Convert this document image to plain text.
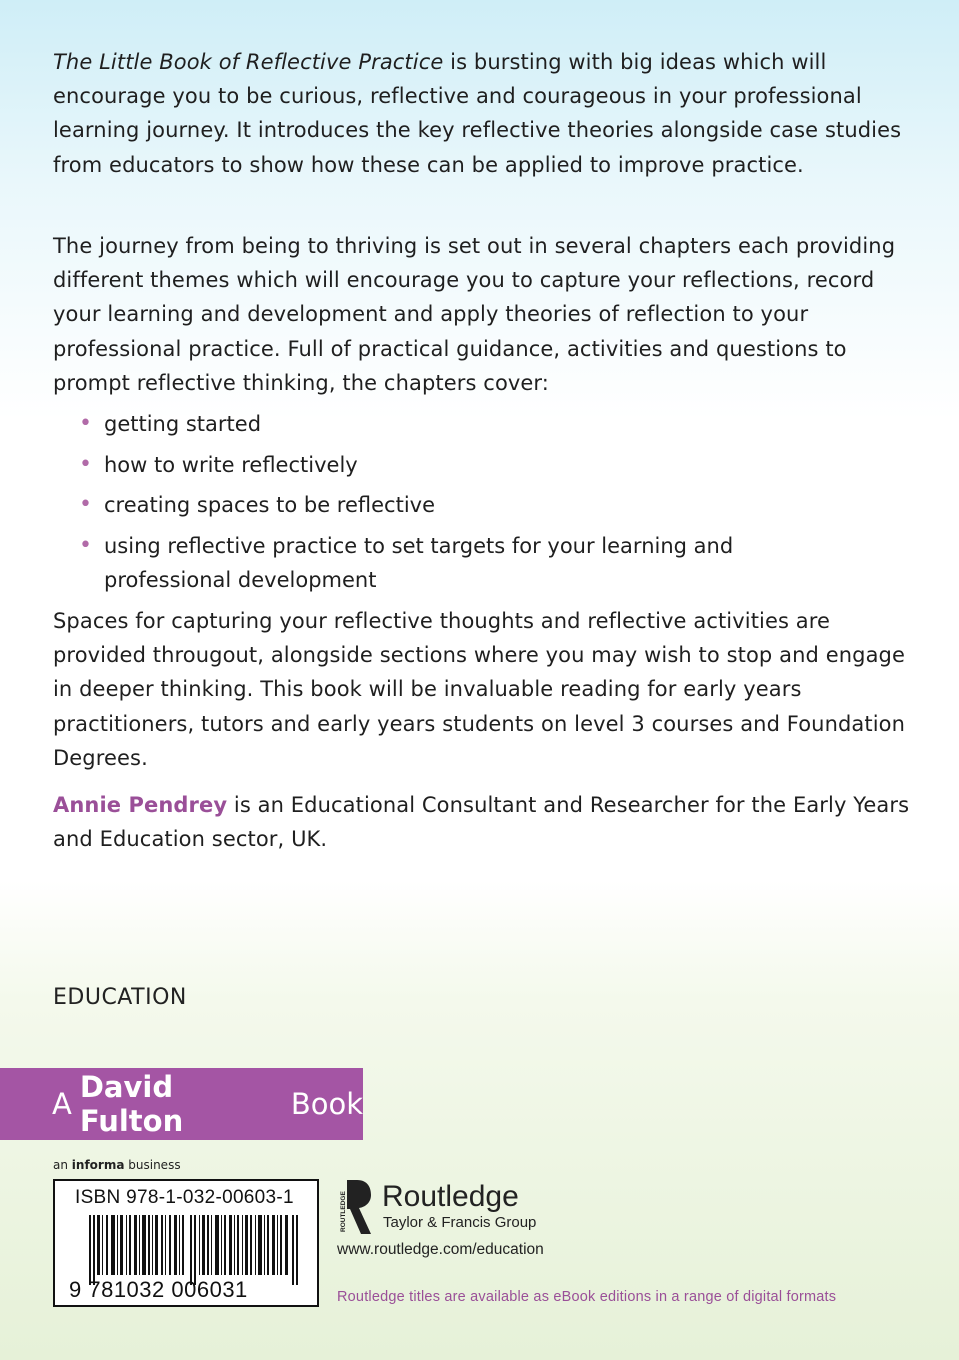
The Little Book of Reflective Practice is bursting with big ideas which will encourage you to be curious, reflective and courageous in your professional learning journey. It introduces the key reflective theories alongside case studies from educators to show how these can be applied to improve practice.
The journey from being to thriving is set out in several chapters each providing different themes which will encourage you to capture your reflections, record your learning and development and apply theories of reflection to your professional practice. Full of practical guidance, activities and questions to prompt reflective thinking, the chapters cover:
• getting started
• how to write reflectively
• creating spaces to be reflective
• using reflective practice to set targets for your learning and professional development
Spaces for capturing your reflective thoughts and reflective activities are provided througout, alongside sections where you may wish to stop and engage in deeper thinking. This book will be invaluable reading for early years practitioners, tutors and early years students on level 3 courses and Foundation Degrees.
Annie Pendrey is an Educational Consultant and Researcher for the Early Years and Education sector, UK.
EDUCATION
A David Fulton	Book
an informa business
ISBN 978-1-032-00603-1
9 781032 006031
ROUTLEDGE Routledge
Taylor & Francis Group
www.routledge.com/education
Routledge titles are available as eBook editions in a range of digital formats
